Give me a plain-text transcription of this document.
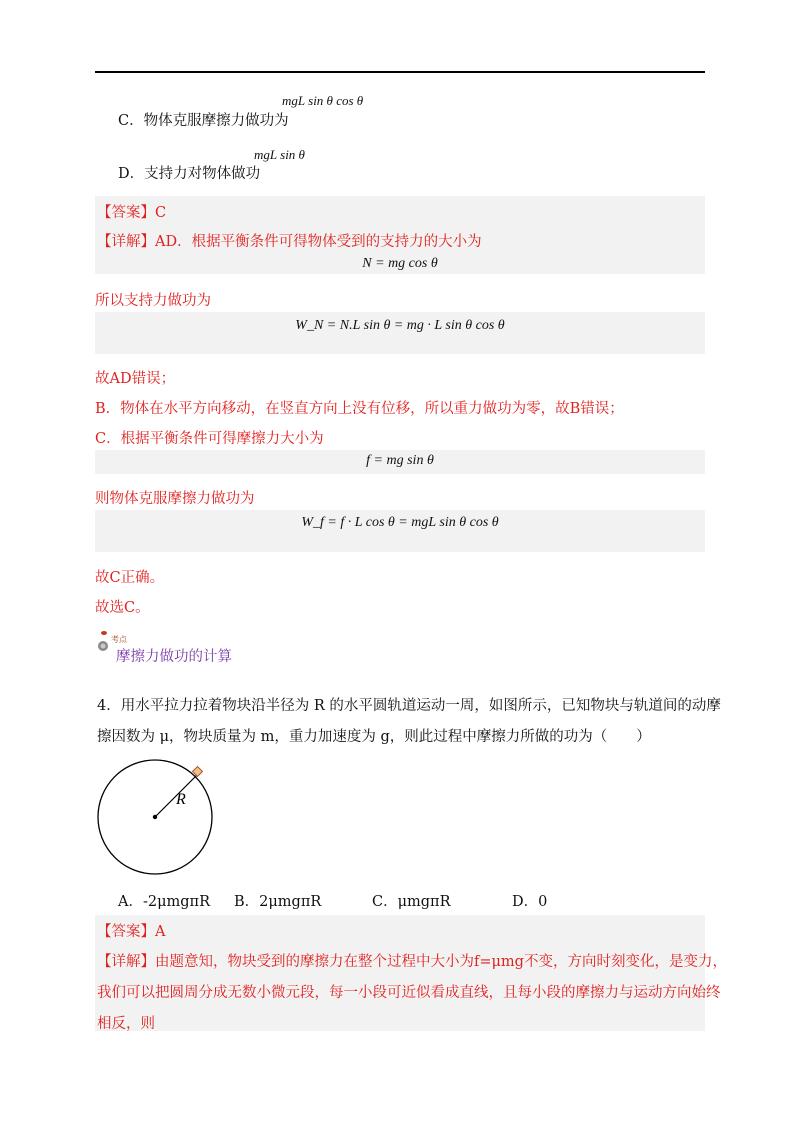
C．物体克服摩擦力做功为
mgL sin θ cos θ
D．支持力对物体做功
mgL sin θ
【答案】C
【详解】AD．根据平衡条件可得物体受到的支持力的大小为
N = mg cos θ
所以支持力做功为
W_N = N.L sin θ = mg · L sin θ cos θ
故AD错误；
B．物体在水平方向移动，在竖直方向上没有位移，所以重力做功为零，故B错误；
C．根据平衡条件可得摩擦力大小为
f = mg sin θ
则物体克服摩擦力做功为
W_f = f · L cos θ = mgL sin θ cos θ
故C正确。
故选C。
考点
摩擦力做功的计算
4．用水平拉力拉着物块沿半径为 R 的水平圆轨道运动一周，如图所示，已知物块与轨道间的动摩
擦因数为 μ，物块质量为 m，重力加速度为 g，则此过程中摩擦力所做的功为（　　）
R
A．-2μmgπR B．2μmgπR	C．μmgπR	D．0
【答案】A
【详解】由题意知，物块受到的摩擦力在整个过程中大小为f=μmg不变，方向时刻变化，是变力，
我们可以把圆周分成无数小微元段，每一小段可近似看成直线，且每小段的摩擦力与运动方向始终
相反，则
